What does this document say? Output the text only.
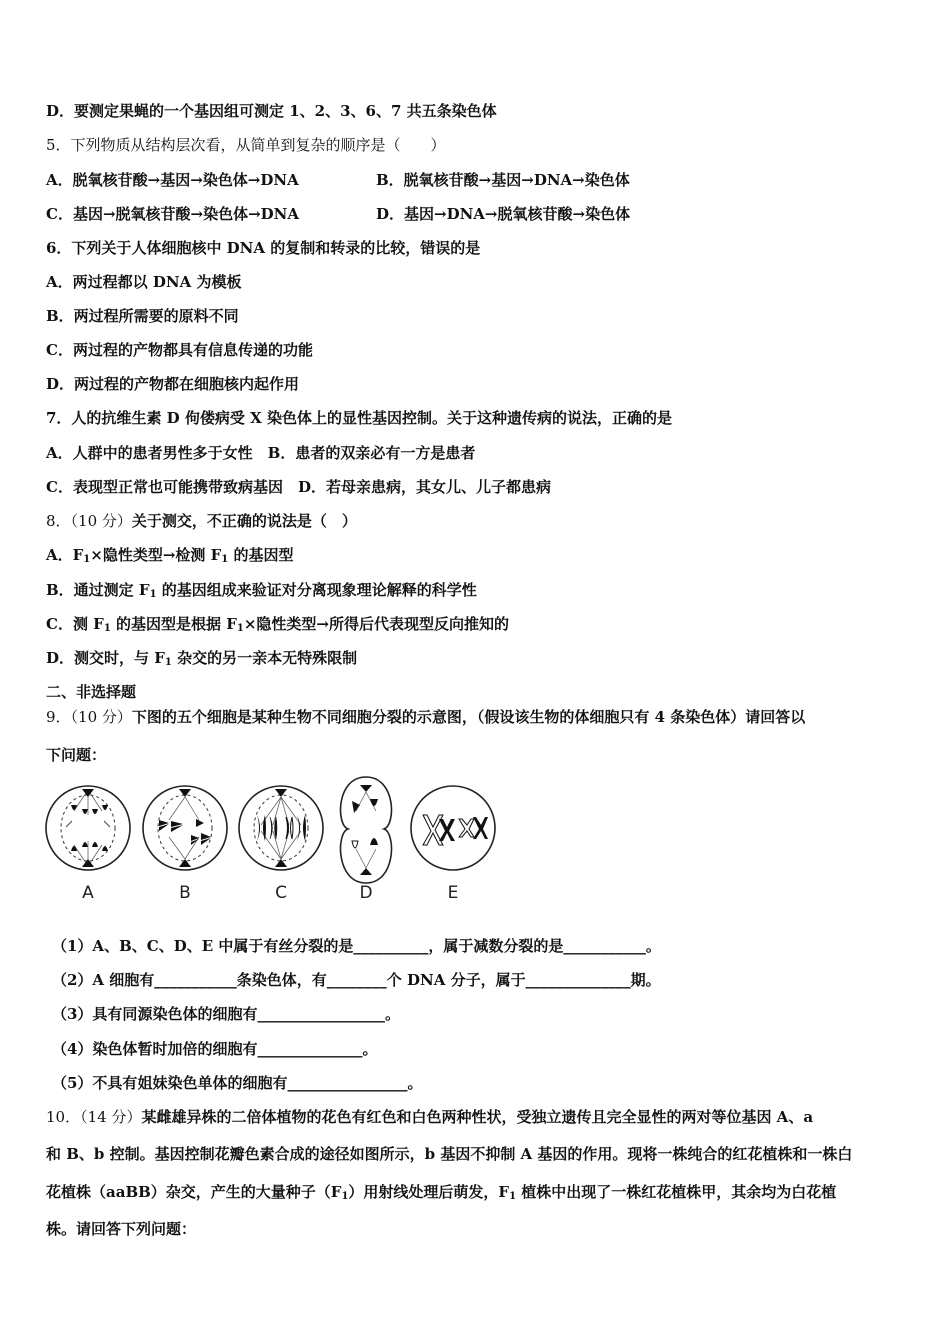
D．要测定果蝇的一个基因组可测定 1、2、3、6、7 共五条染色体
5．下列物质从结构层次看，从简单到复杂的顺序是（　　）
A．脱氧核苷酸→基因→染色体→DNA	B．脱氧核苷酸→基因→DNA→染色体
C．基因→脱氧核苷酸→染色体→DNA	D．基因→DNA→脱氧核苷酸→染色体
6．下列关于人体细胞核中 DNA 的复制和转录的比较，错误的是
A．两过程都以 DNA 为模板
B．两过程所需要的原料不同
C．两过程的产物都具有信息传递的功能
D．两过程的产物都在细胞核内起作用
7．人的抗维生素 D 佝偻病受 X 染色体上的显性基因控制。关于这种遗传病的说法，正确的是
A．人群中的患者男性多于女性　B．患者的双亲必有一方是患者
C．表现型正常也可能携带致病基因　D．若母亲患病，其女儿、儿子都患病
8．（10 分）关于测交，不正确的说法是（　）
A．$F_1\times$隐性类型→检测 $F_1$ 的基因型
B．通过测定 $F_1$ 的基因组成来验证对分离现象理论解释的科学性
C．测 $F_1$ 的基因型是根据 $F_1\times$隐性类型→所得后代表现型反向推知的
D．测交时，与 $F_1$ 杂交的另一亲本无特殊限制
二、非选择题
9．（10 分）下图的五个细胞是某种生物不同细胞分裂的示意图，（假设该生物的体细胞只有 4 条染色体）请回答以
下问题：
A	B	C	D	E
（1）A、B、C、D、E 中属于有丝分裂的是__________，属于减数分裂的是___________。
（2）A 细胞有___________条染色体，有________个 DNA 分子，属于______________期。
（3）具有同源染色体的细胞有_________________。
（4）染色体暂时加倍的细胞有______________。
（5）不具有姐妹染色单体的细胞有________________。
10．（14 分）某雌雄异株的二倍体植物的花色有红色和白色两种性状，受独立遗传且完全显性的两对等位基因 A、a
和 B、b 控制。基因控制花瓣色素合成的途径如图所示，b 基因不抑制 A 基因的作用。现将一株纯合的红花植株和一株白
花植株（aaBB）杂交，产生的大量种子$(F_1)$用射线处理后萌发，$F_1$ 植株中出现了一株红花植株甲，其余均为白花植
株。请回答下列问题：
